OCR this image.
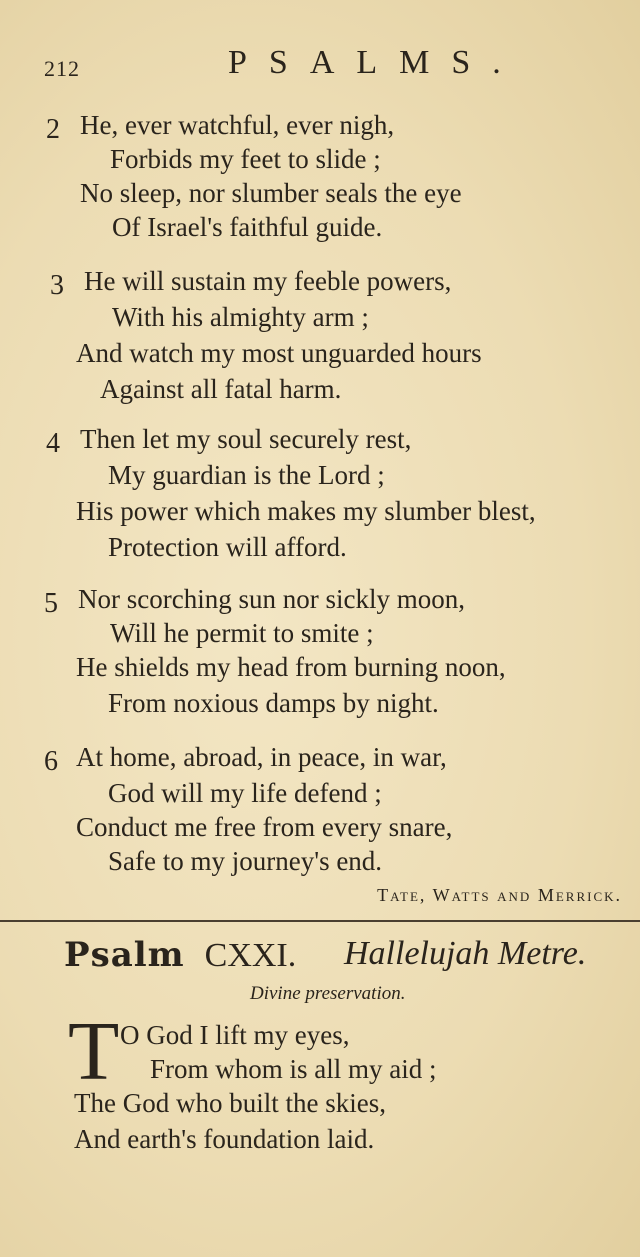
212	PSALMS.
2 He, ever watchful, ever nigh,
Forbids my feet to slide ;
No sleep, nor slumber seals the eye
Of Israel's faithful guide.
3 He will sustain my feeble powers,
With his almighty arm ;
And watch my most unguarded hours
Against all fatal harm.
4 Then let my soul securely rest,
My guardian is the Lord ;
His power which makes my slumber blest,
Protection will afford.
5 Nor scorching sun nor sickly moon,
Will he permit to smite ;
He shields my head from burning noon,
From noxious damps by night.
6 At home, abroad, in peace, in war,
God will my life defend ;
Conduct me free from every snare,
Safe to my journey's end.
Tate, Watts and Merrick.
Psalm CXXI. Hallelujah Metre.
Divine preservation.
T O God I lift my eyes,
From whom is all my aid ;
The God who built the skies,
And earth's foundation laid.
